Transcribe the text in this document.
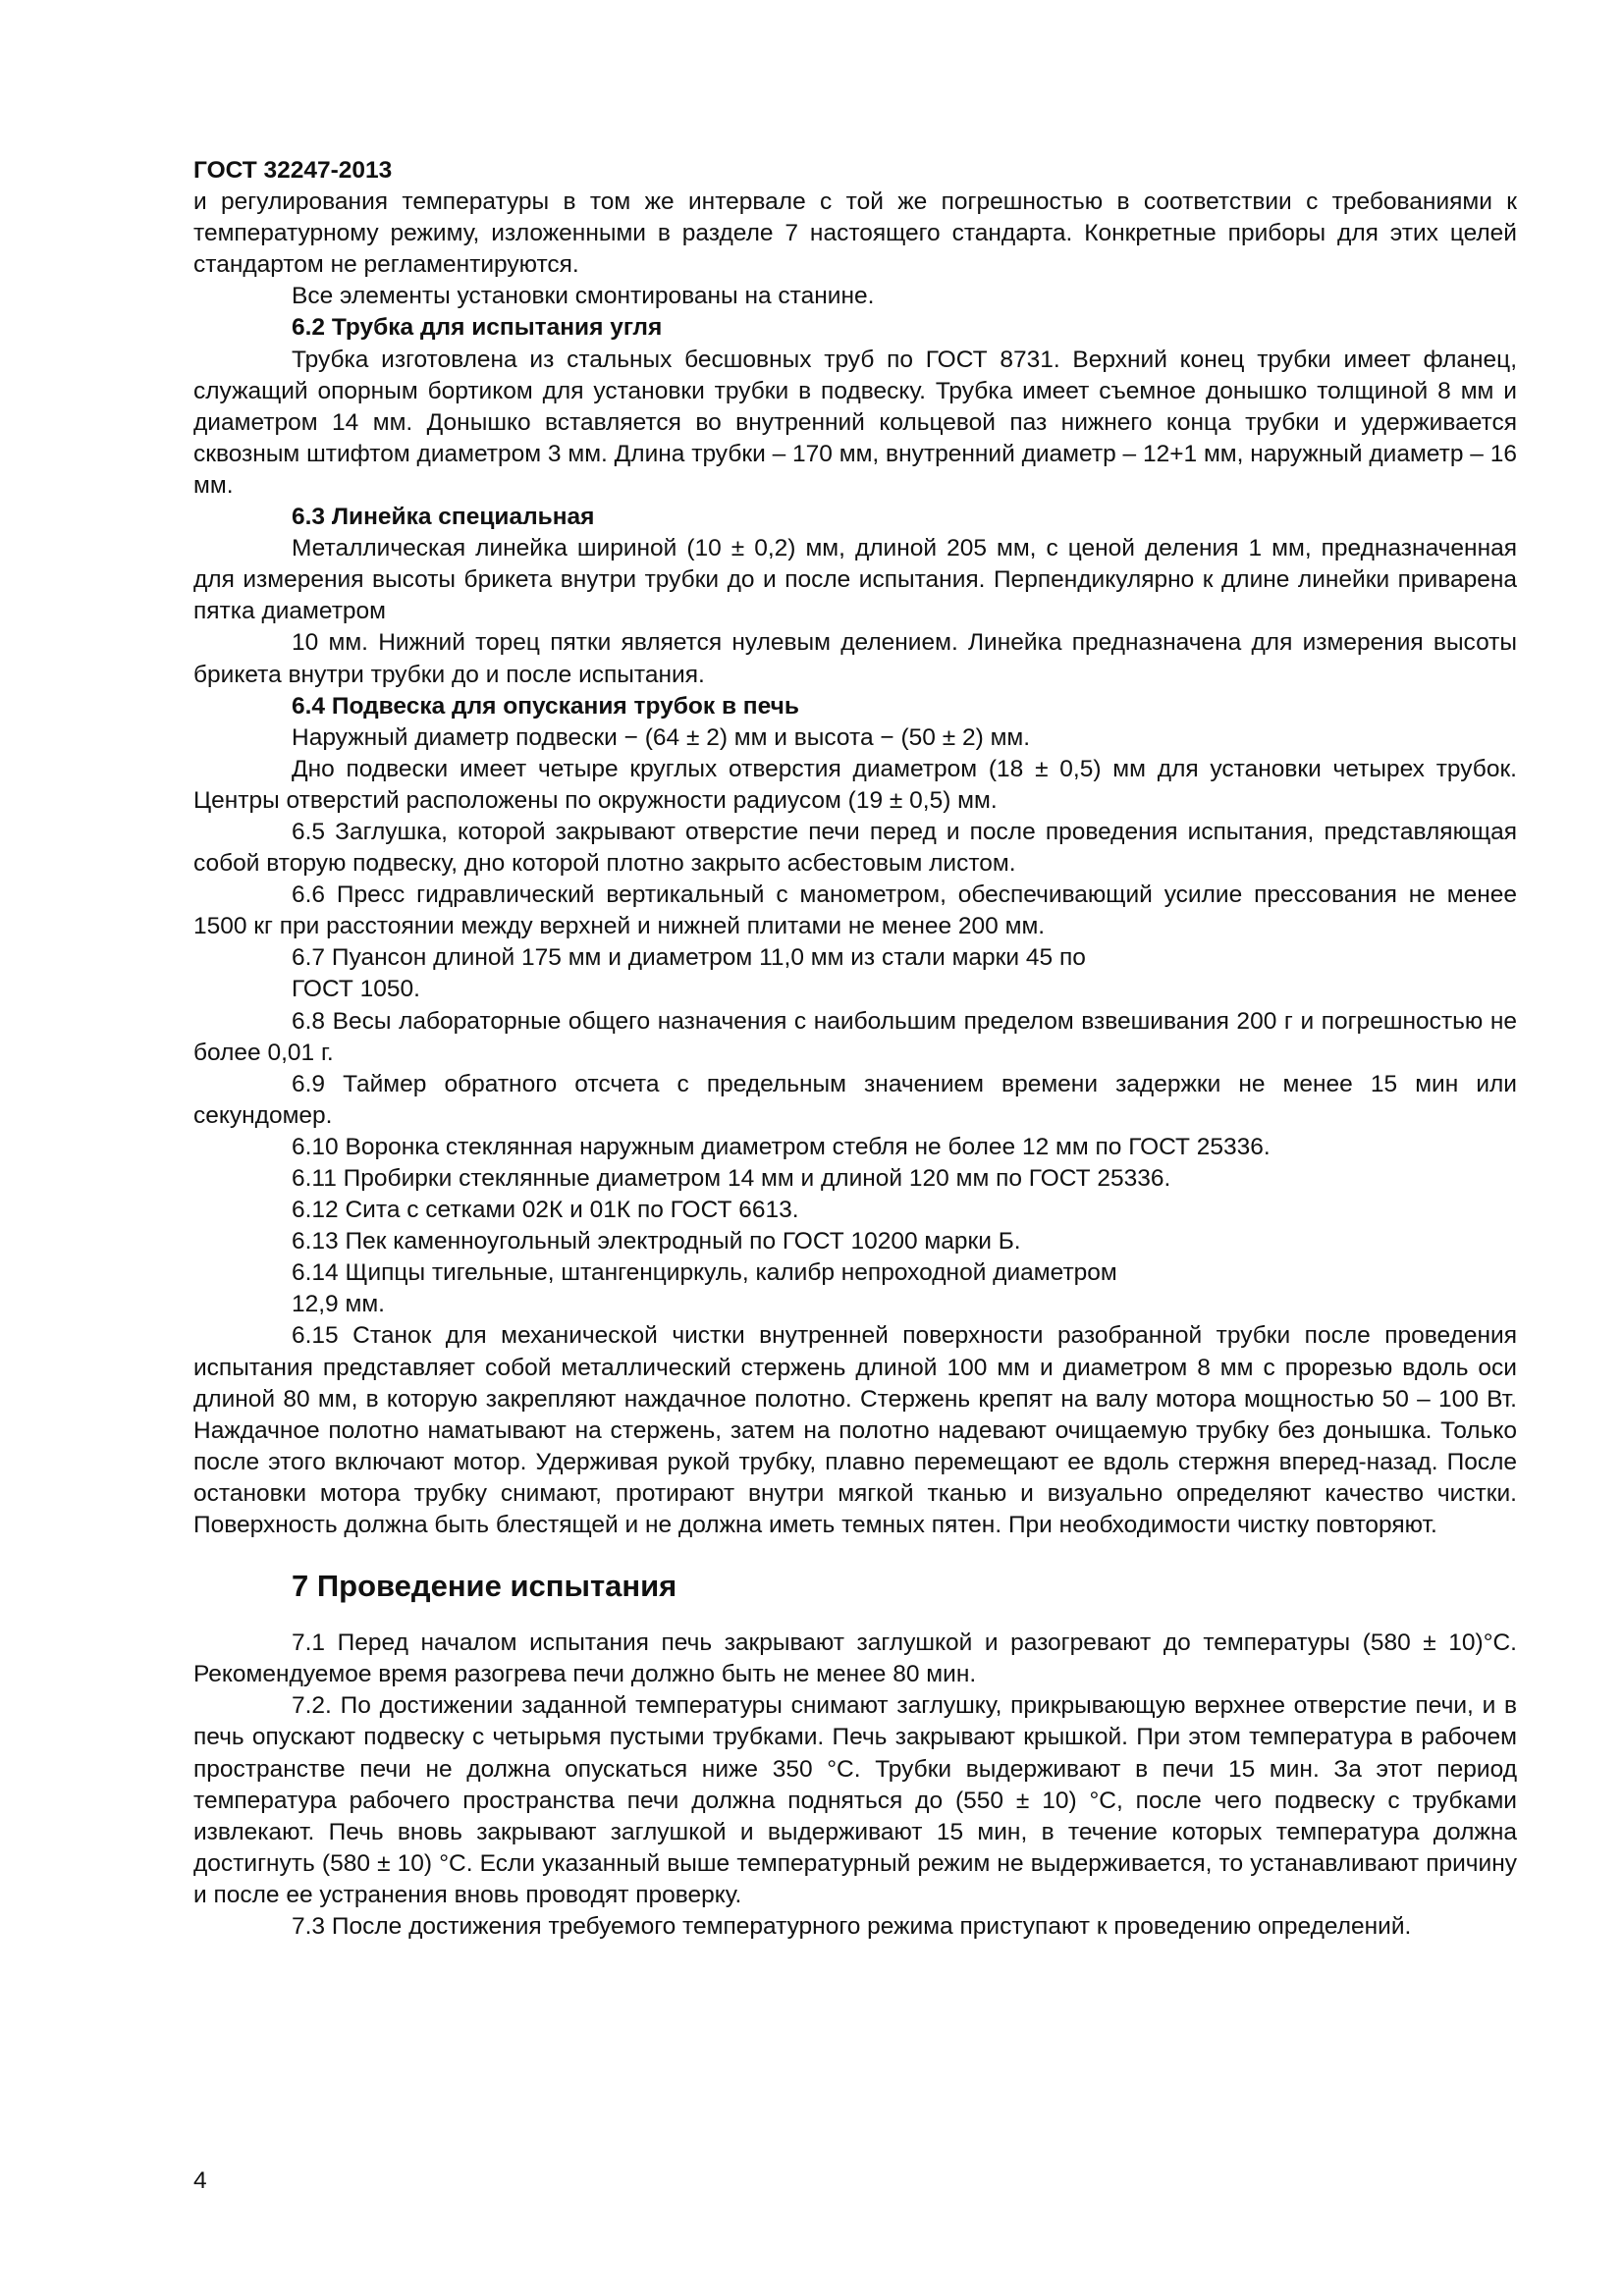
ГОСТ 32247-2013

и регулирования температуры в том же интервале с той же погрешностью в соответствии с требованиями к температурному режиму, изложенными в разделе 7 настоящего стандарта. Конкретные приборы для этих целей стандартом не регламентируются.

Все элементы установки смонтированы на станине.

6.2 Трубка для испытания угля

Трубка изготовлена из стальных бесшовных труб по ГОСТ 8731. Верхний конец трубки имеет фланец, служащий опорным бортиком для установки трубки в подвеску. Трубка имеет съемное донышко толщиной 8 мм и диаметром 14 мм. Донышко вставляется во внутренний кольцевой паз нижнего конца трубки и удерживается сквозным штифтом диаметром 3 мм. Длина трубки – 170 мм, внутренний диаметр – 12+1 мм, наружный диаметр – 16 мм.

6.3 Линейка специальная

Металлическая линейка шириной (10 ± 0,2) мм, длиной 205 мм, с ценой деления 1 мм, предназначенная для измерения высоты брикета внутри трубки до и после испытания. Перпендикулярно к длине линейки приварена пятка диаметром

10 мм. Нижний торец пятки является нулевым делением. Линейка предназначена для измерения высоты брикета внутри трубки до и после испытания.

6.4 Подвеска для опускания трубок в печь

Наружный диаметр подвески − (64 ± 2) мм и высота − (50 ± 2) мм.

Дно подвески имеет четыре круглых отверстия диаметром (18 ± 0,5) мм для установки четырех трубок. Центры отверстий расположены по окружности радиусом (19 ± 0,5) мм.

6.5 Заглушка, которой закрывают отверстие печи перед и после проведения испытания, представляющая собой вторую подвеску, дно которой плотно закрыто асбестовым листом.

6.6 Пресс гидравлический вертикальный с манометром, обеспечивающий усилие прессования не менее 1500 кг при расстоянии между верхней и нижней плитами не менее 200 мм.

6.7 Пуансон длиной 175 мм и диаметром 11,0 мм из стали марки 45 по

ГОСТ 1050.

6.8 Весы лабораторные общего назначения с наибольшим пределом взвешивания 200 г и погрешностью не более 0,01 г.

6.9 Таймер обратного отсчета с предельным значением времени задержки не менее 15 мин или секундомер.

6.10 Воронка стеклянная наружным диаметром стебля не более 12 мм по ГОСТ 25336.

6.11 Пробирки стеклянные диаметром 14 мм и длиной 120 мм по ГОСТ 25336.

6.12 Сита с сетками 02К и 01К по ГОСТ 6613.

6.13 Пек каменноугольный электродный по ГОСТ 10200 марки Б.

6.14 Щипцы тигельные, штангенциркуль, калибр непроходной диаметром

12,9 мм.

6.15 Станок для механической чистки внутренней поверхности разобранной трубки после проведения испытания представляет собой металлический стержень длиной 100 мм и диаметром 8 мм с прорезью вдоль оси длиной 80 мм, в которую закрепляют наждачное полотно. Стержень крепят на валу мотора мощностью 50 – 100 Вт. Наждачное полотно наматывают на стержень, затем на полотно надевают очищаемую трубку без донышка. Только после этого включают мотор. Удерживая рукой трубку, плавно перемещают ее вдоль стержня вперед-назад. После остановки мотора трубку снимают, протирают внутри мягкой тканью и визуально определяют качество чистки. Поверхность должна быть блестящей и не должна иметь темных пятен. При необходимости чистку повторяют.

7 Проведение испытания

7.1 Перед началом испытания печь закрывают заглушкой и разогревают до температуры (580 ± 10)°С. Рекомендуемое время разогрева печи должно быть не менее 80 мин.

7.2. По достижении заданной температуры снимают заглушку, прикрывающую верхнее отверстие печи, и в печь опускают подвеску с четырьмя пустыми трубками. Печь закрывают крышкой. При этом температура в рабочем пространстве печи не должна опускаться ниже 350 °С. Трубки выдерживают в печи 15 мин. За этот период температура рабочего пространства печи должна подняться до (550 ± 10) °С, после чего подвеску с трубками извлекают. Печь вновь закрывают заглушкой и выдерживают 15 мин, в течение которых температура должна достигнуть (580 ± 10) °С. Если указанный выше температурный режим не выдерживается, то устанавливают причину и после ее устранения вновь проводят проверку.

7.3 После достижения требуемого температурного режима приступают к проведению определений.

4
